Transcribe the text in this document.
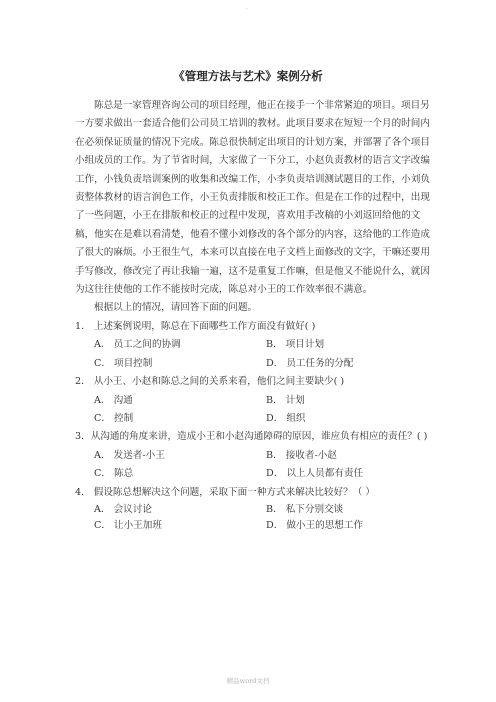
.
《管理方法与艺术》案例分析

陈总是一家管理咨询公司的项目经理，他正在接手一个非常紧迫的项目。项目另一方要求做出一套适合他们公司员工培训的教材。此项目要求在短短一个月的时间内在必须保证质量的情况下完成。陈总很快制定出项目的计划方案，并部署了各个项目小组成员的工作。为了节省时间，大家做了一下分工，小赵负责教材的语言文字改编工作，小钱负责培训案例的收集和改编工作，小李负责培训测试题目的工作，小刘负责整体教材的语言润色工作，小王负责排版和校正工作。但是在工作的过程中，出现了一些问题，小王在排版和校正的过程中发现，喜欢用手改稿的小刘返回给他的文稿，他实在是难以看清楚，他看不懂小刘修改的各个部分的内容，这给他的工作造成了很大的麻烦。小王很生气，本来可以直接在电子文档上面修改的文字，干嘛还要用手写修改，修改完了再让我输一遍，这不是重复工作嘛，但是他又不能说什么，就因为这往往使他的工作不能按时完成，陈总对小王的工作效率很不满意。

根据以上的情况，请回答下面的问题。

1． 上述案例说明，陈总在下面哪些工作方面没有做好( )

A． 员工之间的协调	B． 项目计划
C． 项目控制	D． 员工任务的分配

2． 从小王、小赵和陈总之间的关系来看，他们之间主要缺少( )

A． 沟通	B． 计划
C． 控制	D． 组织

3．从沟通的角度来讲，造成小王和小赵沟通障碍的原因，谁应负有相应的责任？( )

A． 发送者-小王	B． 接收者-小赵
C． 陈总	D． 以上人员都有责任

4． 假设陈总想解决这个问题，采取下面一种方式来解决比较好？（ ）

A． 会议讨论	B． 私下分别交谈
C． 让小王加班	D． 做小王的思想工作
精品word文档
